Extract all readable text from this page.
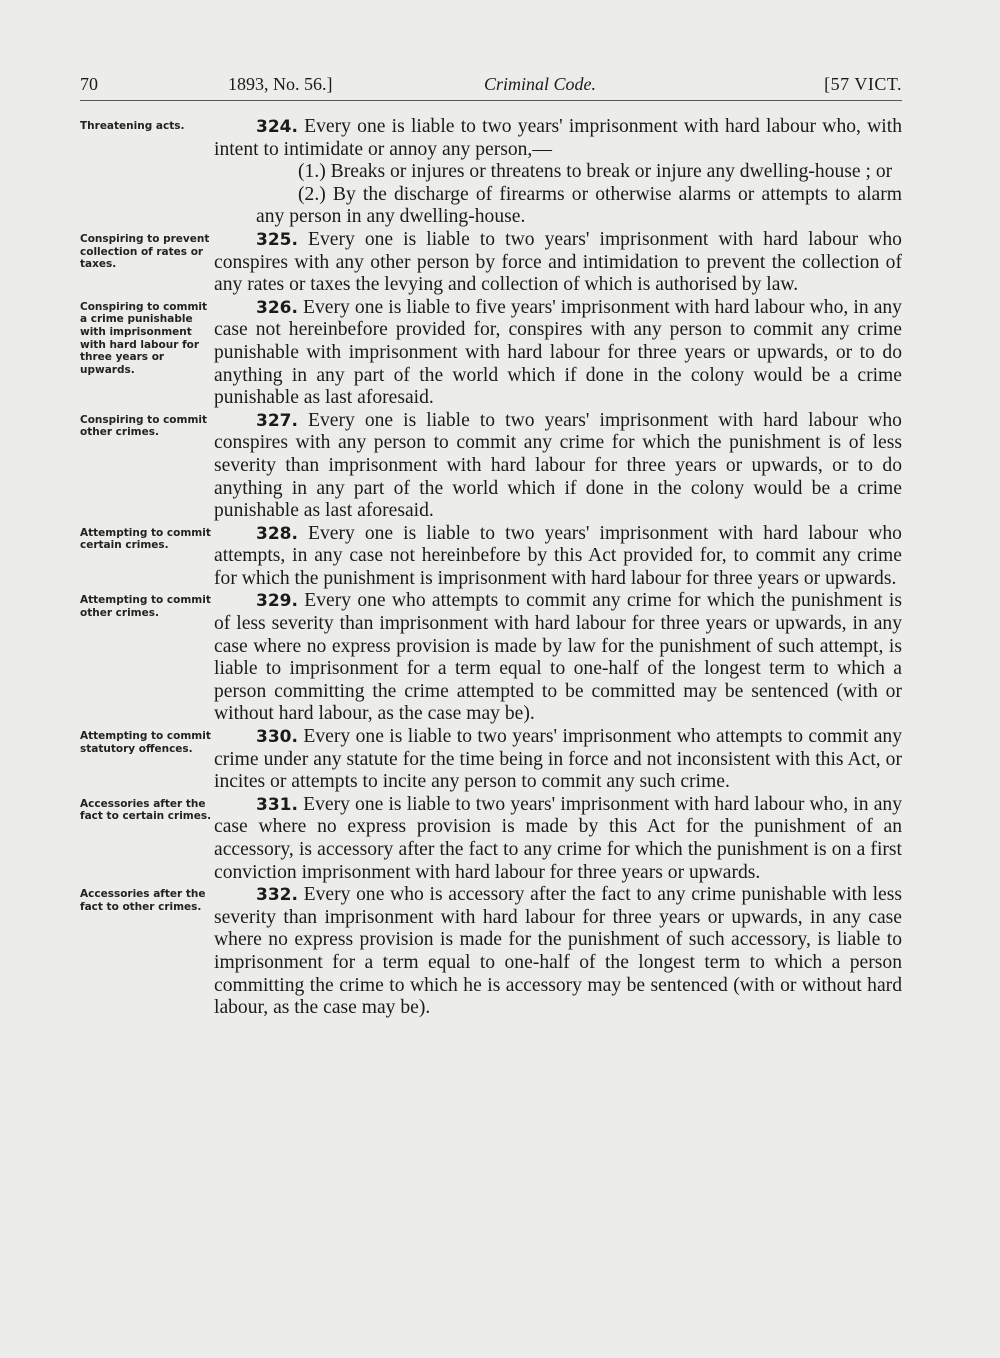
70	1893, No. 56.]	Criminal Code.	[57 VICT.
Threatening acts.	324. Every one is liable to two years' imprisonment with hard labour who, with intent to intimidate or annoy any person,—

(1.) Breaks or injures or threatens to break or injure any dwelling-house ; or

(2.) By the discharge of firearms or otherwise alarms or attempts to alarm any person in any dwelling-house.

Conspiring to prevent collection of rates or taxes.

325. Every one is liable to two years' imprisonment with hard labour who conspires with any other person by force and intimidation to prevent the collection of any rates or taxes the levying and collection of which is authorised by law.

Conspiring to commit a crime punishable with imprisonment with hard labour for three years or upwards.

326. Every one is liable to five years' imprisonment with hard labour who, in any case not hereinbefore provided for, conspires with any person to commit any crime punishable with imprisonment with hard labour for three years or upwards, or to do anything in any part of the world which if done in the colony would be a crime punishable as last aforesaid.

Conspiring to commit other crimes.

327. Every one is liable to two years' imprisonment with hard labour who conspires with any person to commit any crime for which the punishment is of less severity than imprisonment with hard labour for three years or upwards, or to do anything in any part of the world which if done in the colony would be a crime punishable as last aforesaid.

Attempting to commit certain crimes.

328. Every one is liable to two years' imprisonment with hard labour who attempts, in any case not hereinbefore by this Act provided for, to commit any crime for which the punishment is imprisonment with hard labour for three years or upwards.

Attempting to commit other crimes.

329. Every one who attempts to commit any crime for which the punishment is of less severity than imprisonment with hard labour for three years or upwards, in any case where no express provision is made by law for the punishment of such attempt, is liable to imprisonment for a term equal to one-half of the longest term to which a person committing the crime attempted to be committed may be sentenced (with or without hard labour, as the case may be).

Attempting to commit statutory offences.

330. Every one is liable to two years' imprisonment who attempts to commit any crime under any statute for the time being in force and not inconsistent with this Act, or incites or attempts to incite any person to commit any such crime.

Accessories after the fact to certain crimes.

331. Every one is liable to two years' imprisonment with hard labour who, in any case where no express provision is made by this Act for the punishment of an accessory, is accessory after the fact to any crime for which the punishment is on a first conviction imprisonment with hard labour for three years or upwards.

Accessories after the fact to other crimes.

332. Every one who is accessory after the fact to any crime punishable with less severity than imprisonment with hard labour for three years or upwards, in any case where no express provision is made for the punishment of such accessory, is liable to imprisonment for a term equal to one-half of the longest term to which a person committing the crime to which he is accessory may be sentenced (with or without hard labour, as the case may be).
